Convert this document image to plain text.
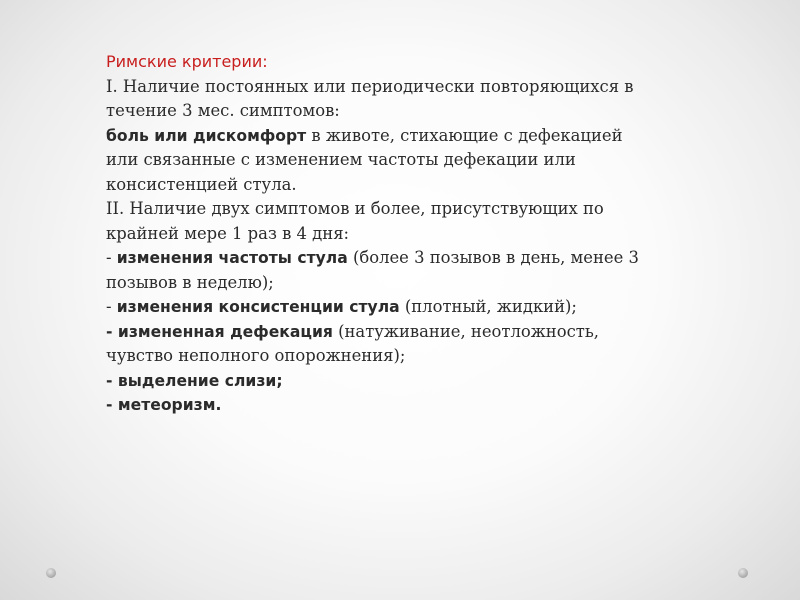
Римские критерии:
I. Наличие постоянных или периодически повторяющихся в
течение 3 мес. симптомов:
боль или дискомфорт в животе, стихающие с дефекацией
или связанные с изменением частоты дефекации или
консистенцией стула.
II. Наличие двух симптомов и более, присутствующих по
крайней мере 1 раз в 4 дня:
- изменения частоты стула (более 3 позывов в день, менее 3
позывов в неделю);
- изменения консистенции стула (плотный, жидкий);
- измененная дефекация (натуживание, неотложность,
чувство неполного опорожнения);
- выделение слизи;
- метеоризм.
